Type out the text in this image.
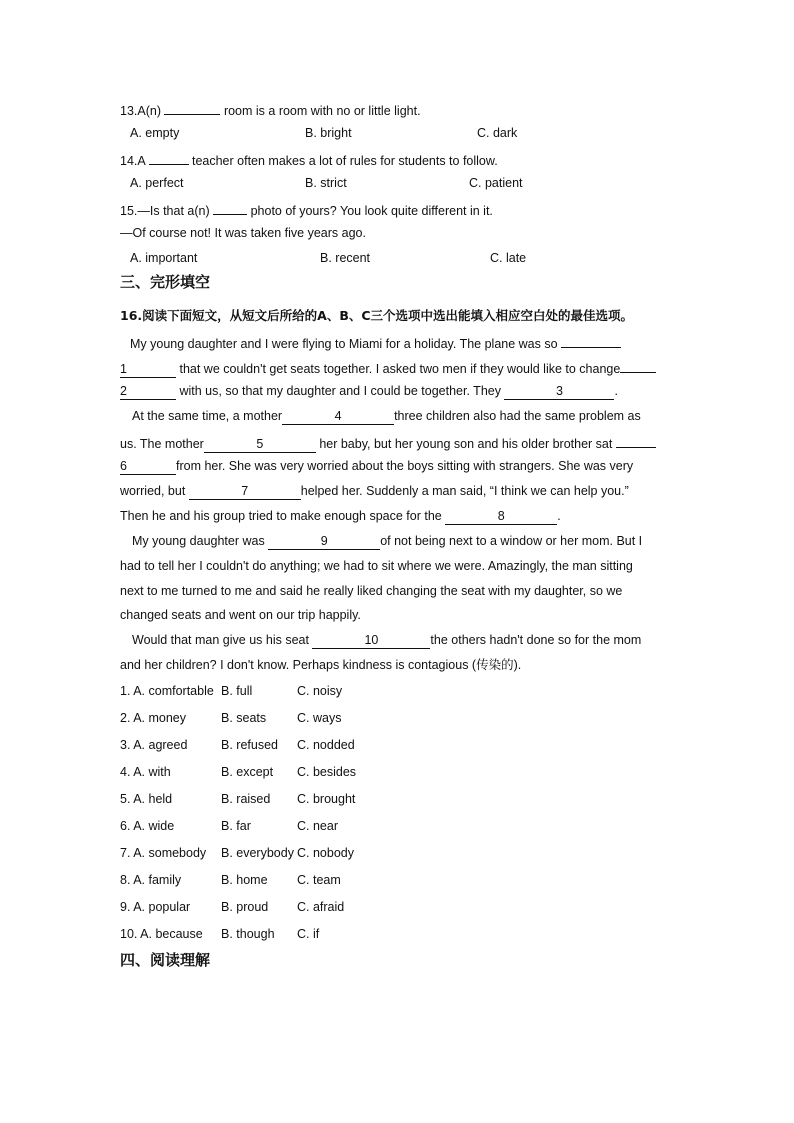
13.A(n)	room is a room with no or little light.
A. empty	B. bright	C. dark
14.A	teacher often makes a lot of rules for students to follow.
A. perfect	B. strict	C. patient
15.—Is that a(n)	photo of yours? You look quite different in it.
—Of course not! It was taken five years ago.
A. important	B. recent	C. late
三、完形填空
16.阅读下面短文，从短文后所给的A、B、C三个选项中选出能填入相应空白处的最佳选项。
My young daughter and I were flying to Miami for a holiday. The plane was so
1	that we couldn't get seats together. I asked two men if they would like to change
2	with us, so that my daughter and I could be together. They	3	.
At the same time, a mother	4	three children also had the same problem as
us. The mother	5	her baby, but her young son and his older brother sat
6	from her. She was very worried about the boys sitting with strangers. She was very
worried, but	7	helped her. Suddenly a man said, “I think we can help you.”
Then he and his group tried to make enough space for the	8	.
My young daughter was	9	of not being next to a window or her mom. But I
had to tell her I couldn't do anything; we had to sit where we were. Amazingly, the man sitting
next to me turned to me and said he really liked changing the seat with my daughter, so we
changed seats and went on our trip happily.
Would that man give us his seat	10	the others hadn't done so for the mom
and her children? I don't know. Perhaps kindness is contagious (传染的).
1. A. comfortable B. full	C. noisy
2. A. money	B. seats C. ways
3. A. agreed	B. refused C. nodded
4. A. with	B. except C. besides
5. A. held	B. raised C. brought
6. A. wide	B. far	C. near
7. A. somebody B. everybody C. nobody
8. A. family	B. home C. team
9. A. popular B. proud C. afraid
10. A. because B. though C. if
四、阅读理解
